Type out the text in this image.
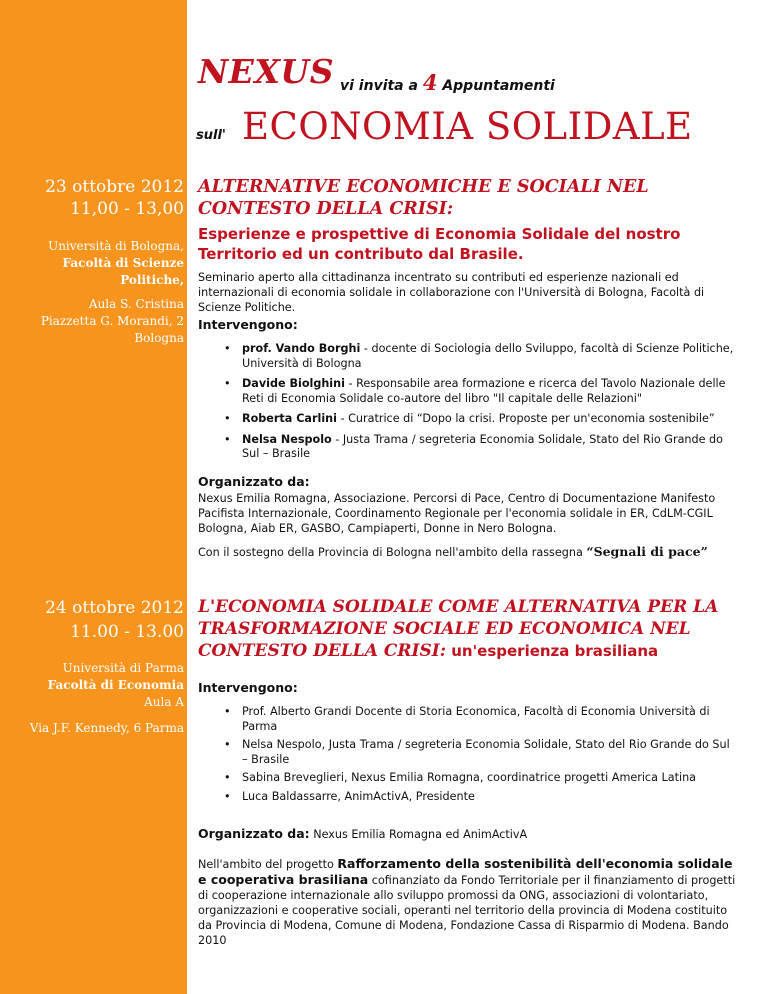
NEXUS vi invita a 4 Appuntamenti
sull' ECONOMIA SOLIDALE
23 ottobre 2012
11,00 - 13,00
Università di Bologna,
Facoltà di Scienze
Politiche,
Aula S. Cristina
Piazzetta G. Morandi, 2
Bologna

ALTERNATIVE ECONOMICHE E SOCIALI NEL CONTESTO DELLA CRISI:

Esperienze e prospettive di Economia Solidale del nostro Territorio ed un contributo dal Brasile.

Seminario aperto alla cittadinanza incentrato su contributi ed esperienze nazionali ed internazionali di economia solidale in collaborazione con l'Università di Bologna, Facoltà di Scienze Politiche.

Intervengono:

• prof. Vando Borghi - docente di Sociologia dello Sviluppo, facoltà di Scienze Politiche, Università di Bologna
• Davide Biolghini - Responsabile area formazione e ricerca del Tavolo Nazionale delle Reti di Economia Solidale co-autore del libro "Il capitale delle Relazioni"
• Roberta Carlini - Curatrice di “Dopo la crisi. Proposte per un'economia sostenibile”
• Nelsa Nespolo - Justa Trama / segreteria Economia Solidale, Stato del Rio Grande do Sul – Brasile

Organizzato da:

Nexus Emilia Romagna, Associazione. Percorsi di Pace, Centro di Documentazione Manifesto Pacifista Internazionale, Coordinamento Regionale per l'economia solidale in ER, CdLM-CGIL Bologna, Aiab ER, GASBO, Campiaperti, Donne in Nero Bologna.

Con il sostegno della Provincia di Bologna nell'ambito della rassegna “Segnali di pace”

24 ottobre 2012
11.00 - 13.00
Università di Parma
Facoltà di Economia
Aula A
Via J.F. Kennedy, 6 Parma

L'ECONOMIA SOLIDALE COME ALTERNATIVA PER LA TRASFORMAZIONE SOCIALE ED ECONOMICA NEL CONTESTO DELLA CRISI: un'esperienza brasiliana

Intervengono:

• Prof. Alberto Grandi Docente di Storia Economica, Facoltà di Economia Università di Parma
• Nelsa Nespolo, Justa Trama / segreteria Economia Solidale, Stato del Rio Grande do Sul – Brasile
• Sabina Breveglieri, Nexus Emilia Romagna, coordinatrice progetti America Latina
• Luca Baldassarre, AnimActivA, Presidente

Organizzato da: Nexus Emilia Romagna ed AnimActivA

Nell'ambito del progetto Rafforzamento della sostenibilità dell'economia solidale e cooperativa brasiliana cofinanziato da Fondo Territoriale per il finanziamento di progetti di cooperazione internazionale allo sviluppo promossi da ONG, associazioni di volontariato, organizzazioni e cooperative sociali, operanti nel territorio della provincia di Modena costituito da Provincia di Modena, Comune di Modena, Fondazione Cassa di Risparmio di Modena. Bando 2010
